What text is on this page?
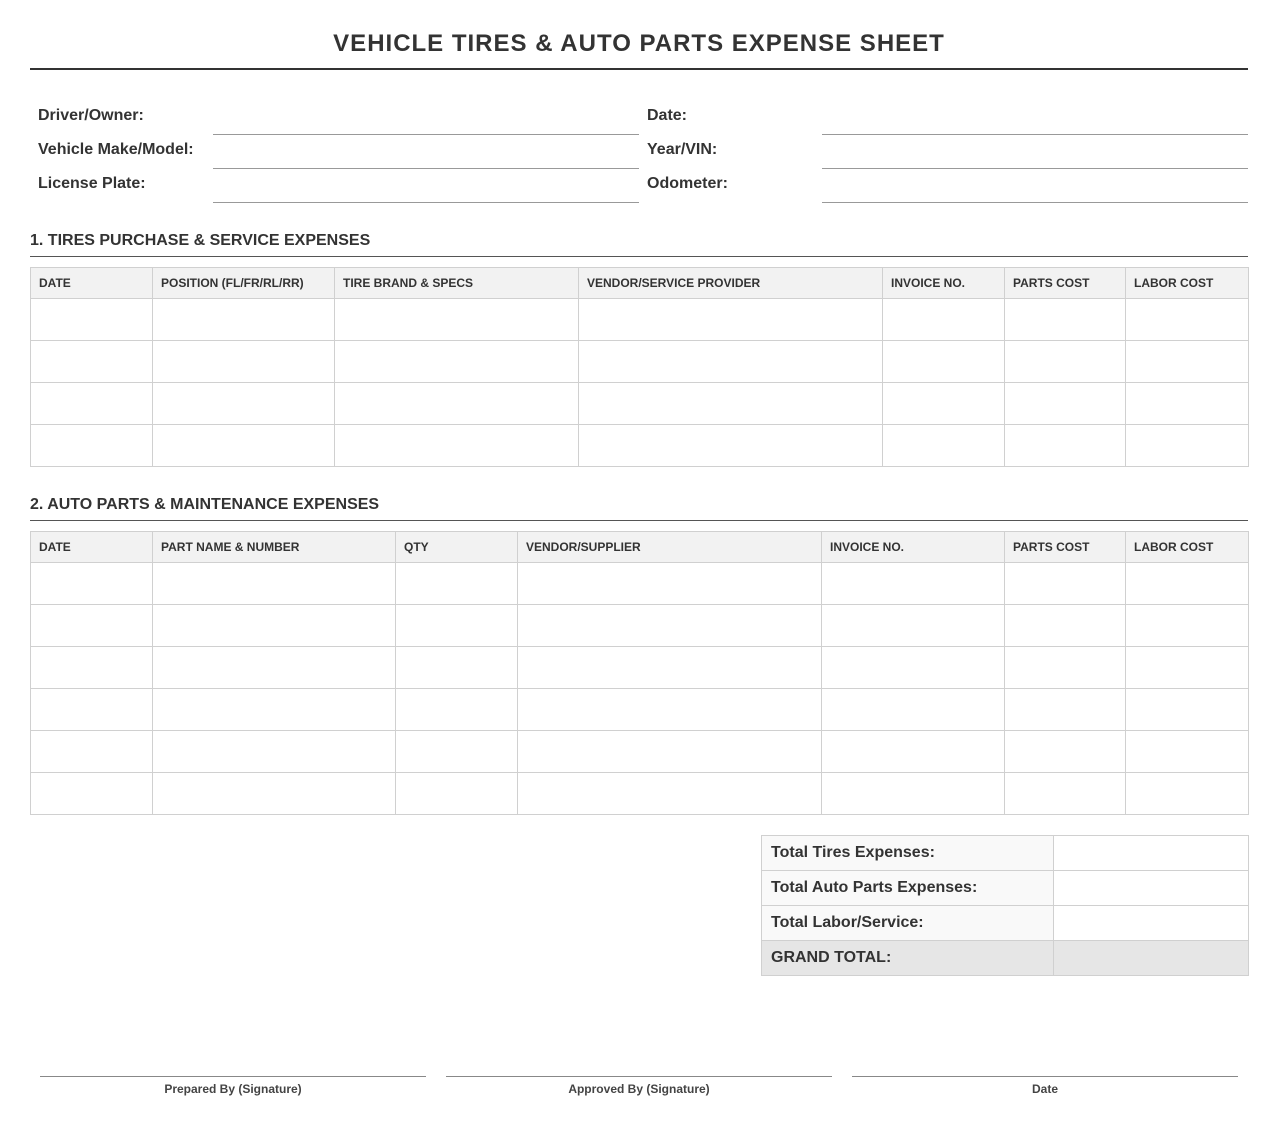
VEHICLE TIRES & AUTO PARTS EXPENSE SHEET
Driver/Owner:
Vehicle Make/Model:
License Plate:
Date:
Year/VIN:
Odometer:
1. TIRES PURCHASE & SERVICE EXPENSES
DATE	POSITION (FL/FR/RL/RR)	TIRE BRAND & SPECS	VENDOR/SERVICE PROVIDER	INVOICE NO.	PARTS COST	LABOR COST

2. AUTO PARTS & MAINTENANCE EXPENSES
DATE	PART NAME & NUMBER	QTY	VENDOR/SUPPLIER	INVOICE NO.	PARTS COST	LABOR COST

Total Tires Expenses:	
Total Auto Parts Expenses:	
Total Labor/Service:	
GRAND TOTAL:	
Prepared By (Signature)	Approved By (Signature)	Date
